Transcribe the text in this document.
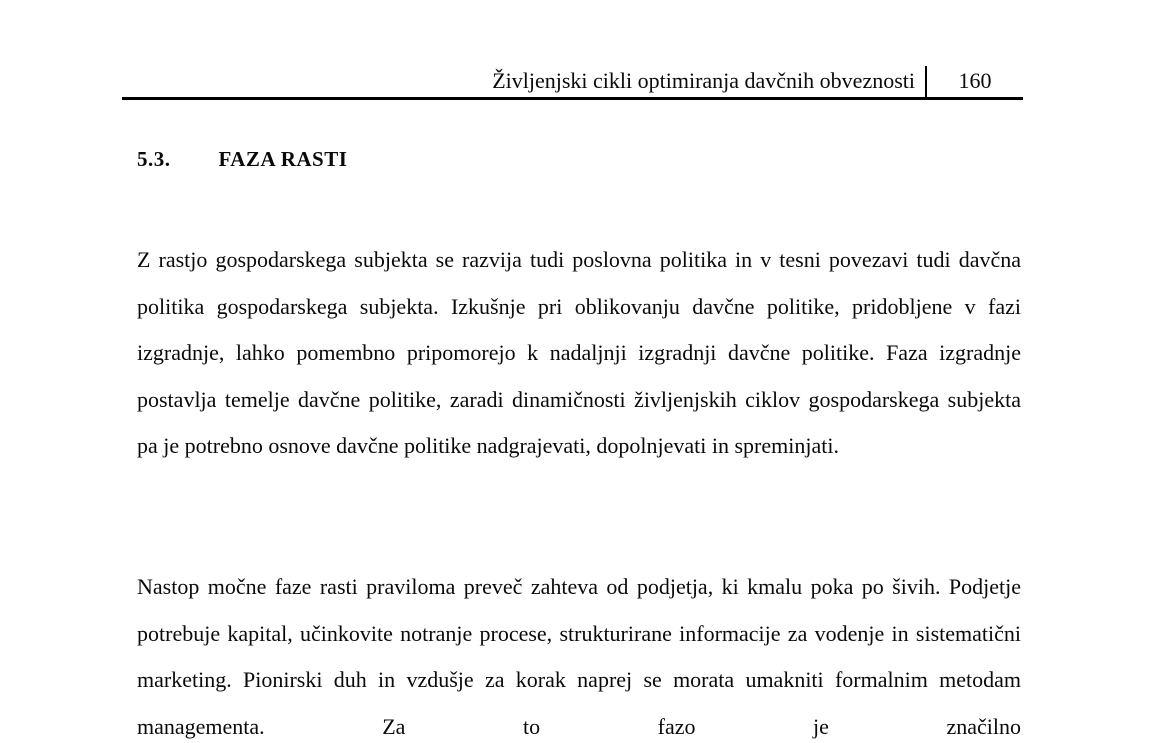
Življenjski cikli optimiranja davčnih obveznosti	160
5.3. FAZA RASTI

Z rastjo gospodarskega subjekta se razvija tudi poslovna politika in v tesni povezavi tudi davčna politika gospodarskega subjekta. Izkušnje pri oblikovanju davčne politike, pridobljene v fazi izgradnje, lahko pomembno pripomorejo k nadaljnji izgradnji davčne politike. Faza izgradnje postavlja temelje davčne politike, zaradi dinamičnosti življenjskih ciklov gospodarskega subjekta pa je potrebno osnove davčne politike nadgrajevati, dopolnjevati in spreminjati.

Nastop močne faze rasti praviloma preveč zahteva od podjetja, ki kmalu poka po šivih. Podjetje potrebuje kapital, učinkovite notranje procese, strukturirane informacije za vodenje in sistematični marketing. Pionirski duh in vzdušje za korak naprej se morata umakniti formalnim metodam managementa. Za to fazo je značilno
